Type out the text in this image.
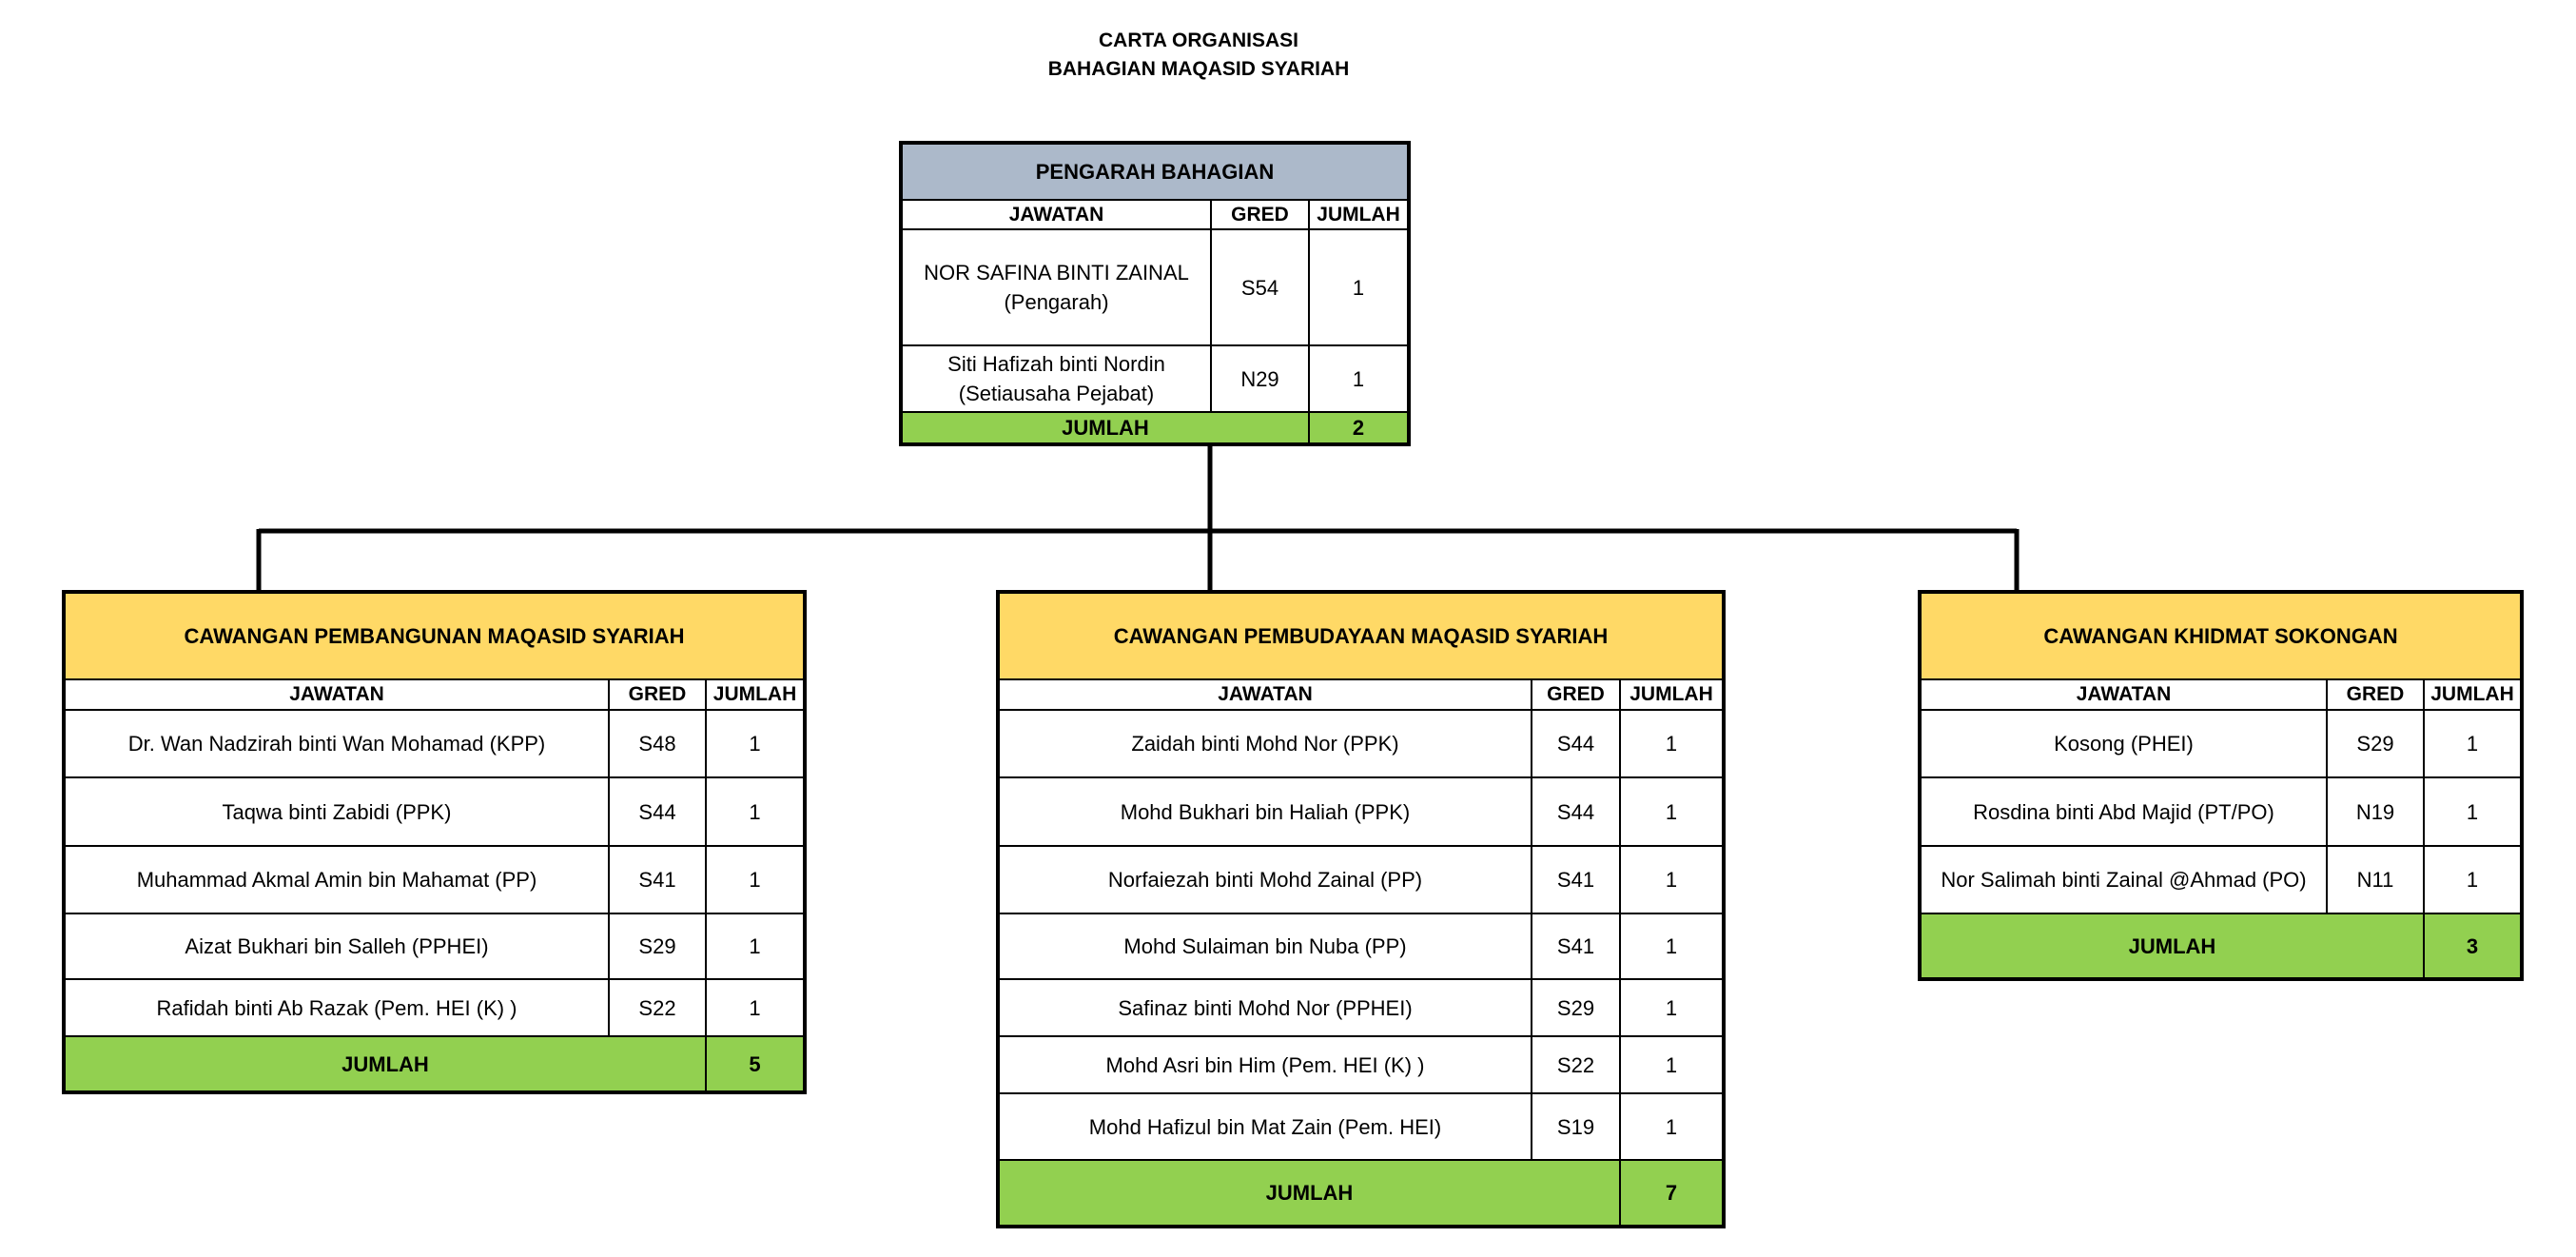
CARTA ORGANISASI
BAHAGIAN MAQASID SYARIAH
PENGARAH BAHAGIAN		
JAWATAN	GRED	JUMLAH

NOR SAFINA BINTI ZAINAL
(Pengarah)	S54	1

Siti Hafizah binti Nordin
(Setiausaha Pejabat)	N29	1
JUMLAH		2
CAWANGAN PEMBANGUNAN MAQASID SYARIAH		
JAWATAN	GRED	JUMLAH
Dr. Wan Nadzirah binti Wan Mohamad (KPP)	S48	1
Taqwa binti Zabidi (PPK)	S44	1
Muhammad Akmal Amin bin Mahamat (PP)	S41	1
Aizat Bukhari bin Salleh (PPHEI)	S29	1
Rafidah binti Ab Razak (Pem. HEI (K) )	S22	1
JUMLAH		5
CAWANGAN PEMBUDAYAAN MAQASID SYARIAH		
JAWATAN	GRED	JUMLAH
Zaidah binti Mohd Nor (PPK)	S44	1
Mohd Bukhari bin Haliah (PPK)	S44	1
Norfaiezah binti Mohd Zainal (PP)	S41	1
Mohd Sulaiman bin Nuba (PP)	S41	1
Safinaz binti Mohd Nor (PPHEI)	S29	1
Mohd Asri bin Him (Pem. HEI (K) )	S22	1
Mohd Hafizul bin Mat Zain (Pem. HEI)	S19	1
JUMLAH		7
CAWANGAN KHIDMAT SOKONGAN		
JAWATAN	GRED	JUMLAH
Kosong (PHEI)	S29	1
Rosdina binti Abd Majid (PT/PO)	N19	1
Nor Salimah binti Zainal @Ahmad (PO)	N11	1
JUMLAH		3
